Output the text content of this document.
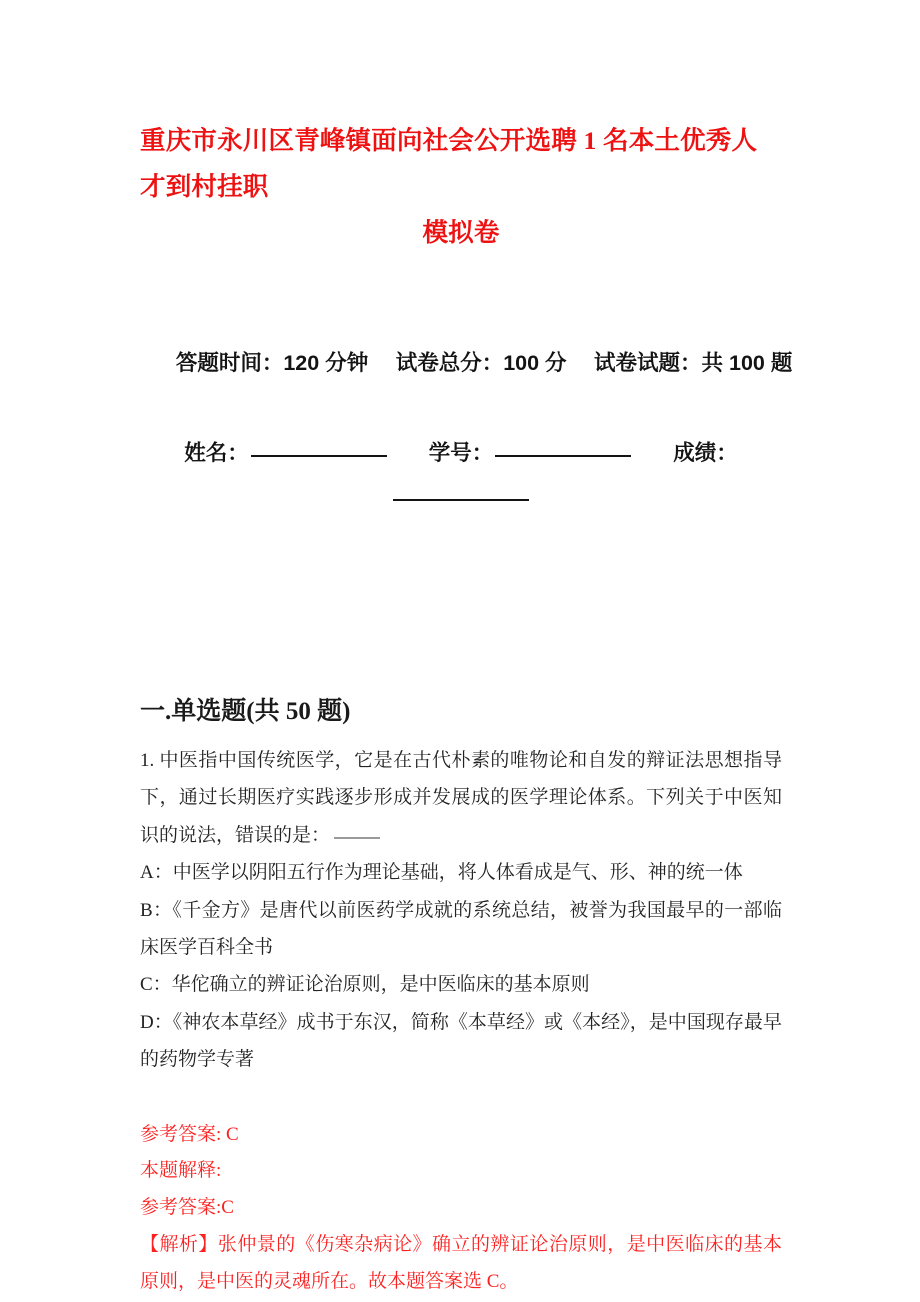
重庆市永川区青峰镇面向社会公开选聘 1 名本土优秀人才到村挂职
模拟卷

答题时间：120 分钟  试卷总分：100 分  试卷试题：共 100 题

姓名：	学号：	成绩：
一.单选题(共 50 题)

1. 中医指中国传统医学，它是在古代朴素的唯物论和自发的辩证法思想指导下，通过长期医疗实践逐步形成并发展成的医学理论体系。下列关于中医知识的说法，错误的是：

A：中医学以阴阳五行作为理论基础，将人体看成是气、形、神的统一体

B：《千金方》是唐代以前医药学成就的系统总结，被誉为我国最早的一部临床医学百科全书

C：华佗确立的辨证论治原则，是中医临床的基本原则

D：《神农本草经》成书于东汉，简称《本草经》或《本经》，是中国现存最早的药物学专著

参考答案: C

本题解释:

参考答案:C

【解析】张仲景的《伤寒杂病论》确立的辨证论治原则，是中医临床的基本原则，是中医的灵魂所在。故本题答案选 C。
